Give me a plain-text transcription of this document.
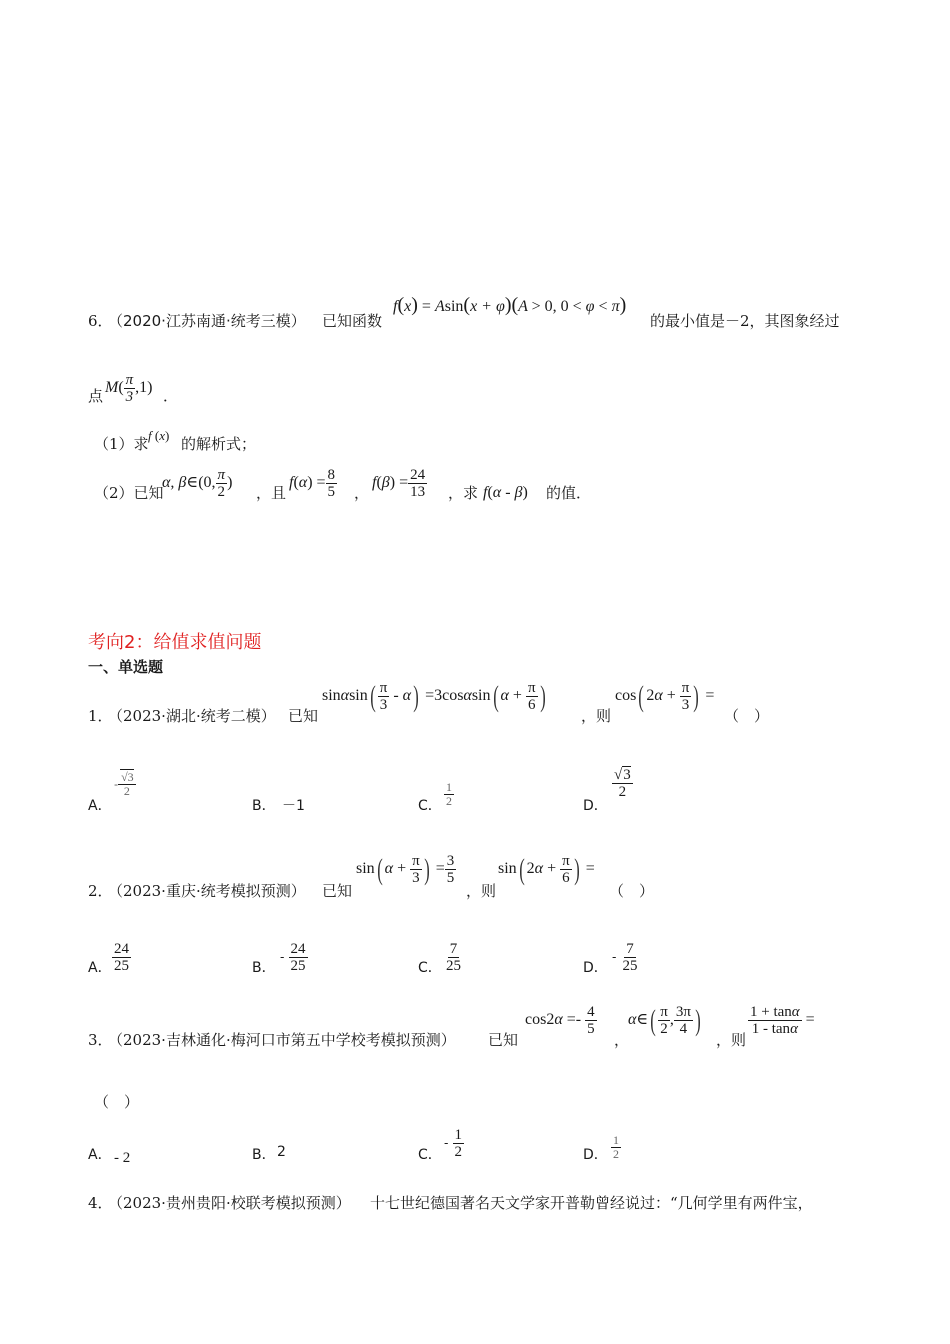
6．
（2020·江苏南通·统考三模） 已知函数
f(x) = Asin(x + φ)(A > 0, 0 < φ < π)
的最小值是－2，其图象经过
点 $M( \frac{\pi}{3} ,1)$ ．
（1）求 f (x) 的解析式；
（2）已知
α, β∈(0, $\frac{\pi}{2}$ )
，且
$f(\alpha) = \frac{8}{5}$ ，
$f(\beta) = \frac{24}{13}$ ，求 f(α - β) 的值．
考向2：给值求值问题
一、单选题
1．
（2023·湖北·统考二模） 已知
$\sin\alpha\sin( \frac{\pi}{3} - \alpha) =3\cos\alpha\sin$( $\alpha + \frac{\pi}{6}$ )
，则
cos( $2\alpha + \frac{\pi}{3}$ ) =
（　）
A．
- $\frac{√3}{2}$
B． －1	C． $\frac{1}{2}$	D．
$\frac{√3}{2}$
2．
（2023·重庆·统考模拟预测） 已知
sin( $\alpha + \frac{\pi}{3}$ ) = $\frac{3}{5}$
，则
sin( $2\alpha + \frac{\pi}{6}$ ) =
（　）
A． $\frac{24}{25}$	B．
- $\frac{24}{25}$	C． $\frac{7}{25}$	D．
- $\frac{7}{25}$
3．
（2023·吉林通化·梅河口市第五中学校考模拟预测） 已知
$\cos 2\alpha =- \frac{4}{5}$
，
α∈( $\frac{\pi}{2}$ , $\frac{3\pi}{4}$ )
，则
$\frac{1 + \tan\alpha}{1 - \tan\alpha}$ =
（　）
A． - 2	B． 2	C．
- $\frac{1}{2}$	D． $\frac{1}{2}$
4．
（2023·贵州贵阳·校联考模拟预测） 十七世纪德国著名天文学家开普勒曾经说过：“几何学里有两件宝，
